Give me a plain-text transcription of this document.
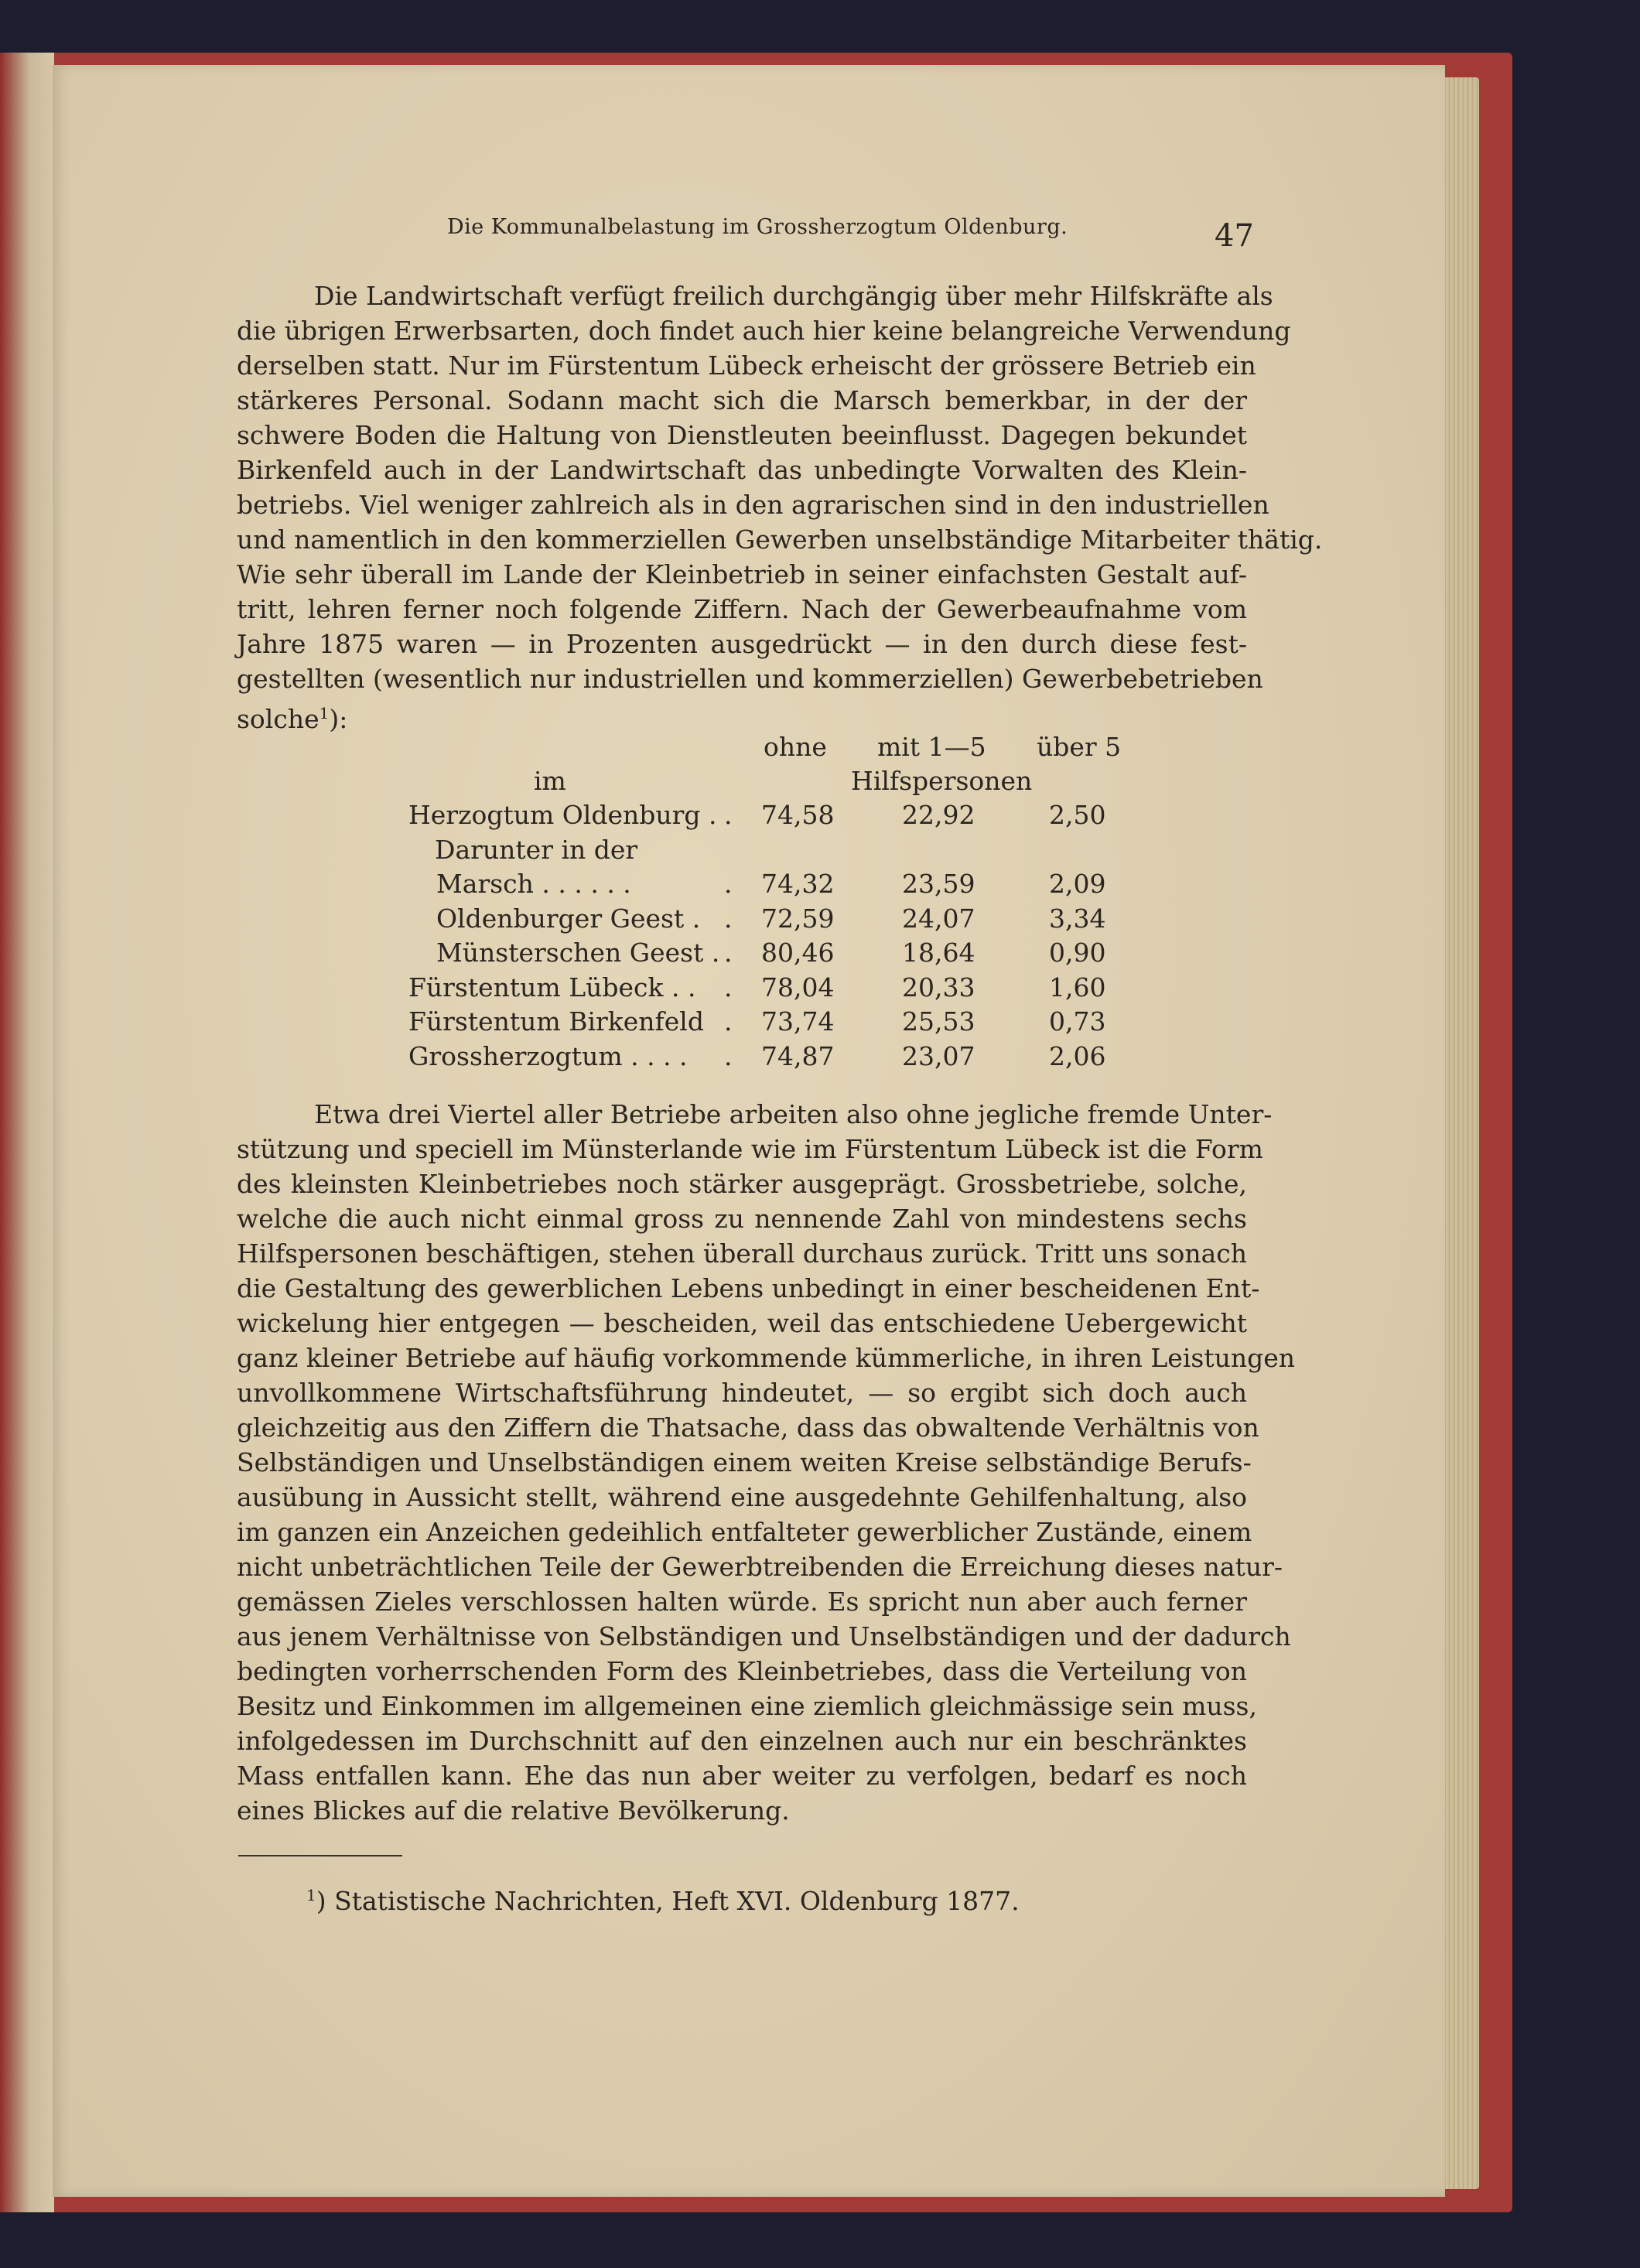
Die Kommunalbelastung im Grossherzogtum Oldenburg.	47
Die Landwirtschaft verfügt freilich durchgängig über mehr Hilfskräfte als
die übrigen Erwerbsarten, doch findet auch hier keine belangreiche Verwendung
derselben statt. Nur im Fürstentum Lübeck erheischt der grössere Betrieb ein
stärkeres Personal. Sodann macht sich die Marsch bemerkbar, in der der
schwere Boden die Haltung von Dienstleuten beeinflusst. Dagegen bekundet
Birkenfeld auch in der Landwirtschaft das unbedingte Vorwalten des Klein-
betriebs. Viel weniger zahlreich als in den agrarischen sind in den industriellen
und namentlich in den kommerziellen Gewerben unselbständige Mitarbeiter thätig.
Wie sehr überall im Lande der Kleinbetrieb in seiner einfachsten Gestalt auf-
tritt, lehren ferner noch folgende Ziffern. Nach der Gewerbeaufnahme vom
Jahre 1875 waren — in Prozenten ausgedrückt — in den durch diese fest-
gestellten (wesentlich nur industriellen und kommerziellen) Gewerbebetrieben
solche$^1$):
ohne mit 1—5 über 5
im	Hilfspersonen
Herzogtum Oldenburg . . 74,58	22,92	2,50
Darunter in der
Marsch . . . . . .	. 74,32	23,59	2,09
Oldenburger Geest . . 72,59	24,07	3,34
Münsterschen Geest . . 80,46	18,64	0,90
Fürstentum Lübeck . . . 78,04	20,33	1,60
Fürstentum Birkenfeld . 73,74	25,53	0,73
Grossherzogtum . . . . . 74,87	23,07	2,06
Etwa drei Viertel aller Betriebe arbeiten also ohne jegliche fremde Unter-
stützung und speciell im Münsterlande wie im Fürstentum Lübeck ist die Form
des kleinsten Kleinbetriebes noch stärker ausgeprägt. Grossbetriebe, solche,
welche die auch nicht einmal gross zu nennende Zahl von mindestens sechs
Hilfspersonen beschäftigen, stehen überall durchaus zurück. Tritt uns sonach
die Gestaltung des gewerblichen Lebens unbedingt in einer bescheidenen Ent-
wickelung hier entgegen — bescheiden, weil das entschiedene Uebergewicht
ganz kleiner Betriebe auf häufig vorkommende kümmerliche, in ihren Leistungen
unvollkommene Wirtschaftsführung hindeutet, — so ergibt sich doch auch
gleichzeitig aus den Ziffern die Thatsache, dass das obwaltende Verhältnis von
Selbständigen und Unselbständigen einem weiten Kreise selbständige Berufs-
ausübung in Aussicht stellt, während eine ausgedehnte Gehilfenhaltung, also
im ganzen ein Anzeichen gedeihlich entfalteter gewerblicher Zustände, einem
nicht unbeträchtlichen Teile der Gewerbtreibenden die Erreichung dieses natur-
gemässen Zieles verschlossen halten würde. Es spricht nun aber auch ferner
aus jenem Verhältnisse von Selbständigen und Unselbständigen und der dadurch
bedingten vorherrschenden Form des Kleinbetriebes, dass die Verteilung von
Besitz und Einkommen im allgemeinen eine ziemlich gleichmässige sein muss,
infolgedessen im Durchschnitt auf den einzelnen auch nur ein beschränktes
Mass entfallen kann. Ehe das nun aber weiter zu verfolgen, bedarf es noch
eines Blickes auf die relative Bevölkerung.
$^1$) Statistische Nachrichten, Heft XVI. Oldenburg 1877.
